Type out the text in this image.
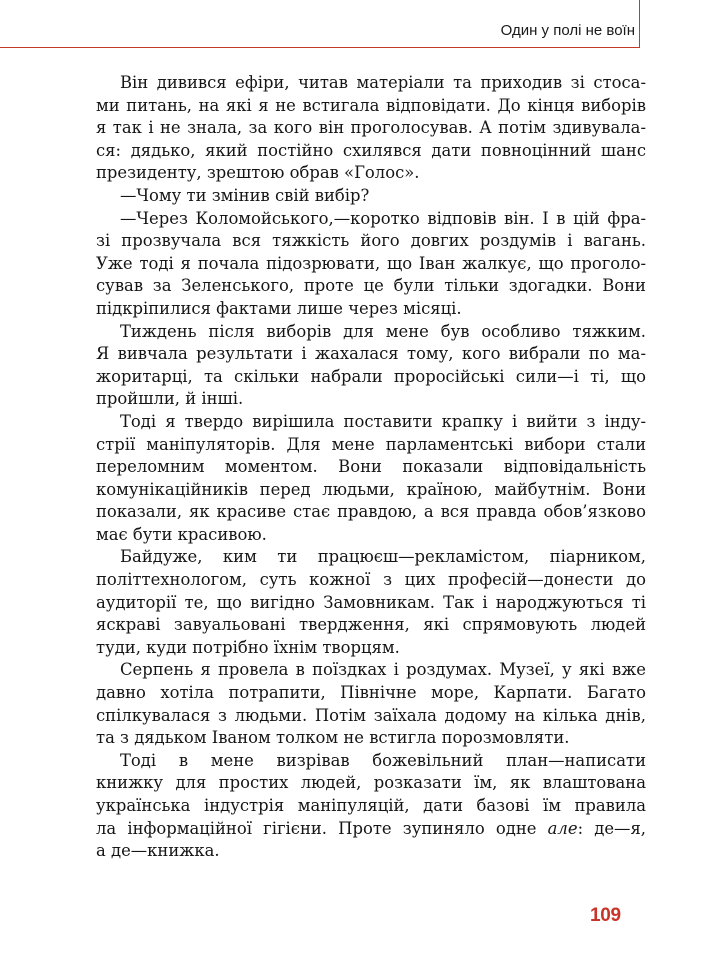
Один у полі не воїн
Він дивився ефіри, читав матеріали та приходив зі стоса-
ми питань, на які я не встигала відповідати. До кінця виборів
я так і не знала, за кого він проголосував. А потім здивувала-
ся: дядько, який постійно схилявся дати повноцінний шанс
президенту, зрештою обрав «Голос».
—Чому ти змінив свій вибір?
—Через Коломойського,—коротко відповів він. І в цій фра-
зі прозвучала вся тяжкість його довгих роздумів і вагань.
Уже тоді я почала підозрювати, що Іван жалкує, що проголо-
сував за Зеленського, проте це були тільки здогадки. Вони
підкріпилися фактами лише через місяці.
Тиждень після виборів для мене був особливо тяжким.
Я вивчала результати і жахалася тому, кого вибрали по ма-
жоритарці, та скільки набрали проросійські сили—і ті, що
пройшли, й інші.
Тоді я твердо вирішила поставити крапку і вийти з інду-
стрії маніпуляторів. Для мене парламентські вибори стали
переломним моментом. Вони показали відповідальність
комунікаційників перед людьми, країною, майбутнім. Вони
показали, як красиве стає правдою, а вся правда обов’язково
має бути красивою.
Байдуже, ким ти працюєш—рекламістом, піарником,
політтехнологом, суть кожної з цих професій—донести до
аудиторії те, що вигідно Замовникам. Так і народжуються ті
яскраві завуальовані твердження, які спрямовують людей
туди, куди потрібно їхнім творцям.
Серпень я провела в поїздках і роздумах. Музеї, у які вже
давно хотіла потрапити, Північне море, Карпати. Багато
спілкувалася з людьми. Потім заїхала додому на кілька днів,
та з дядьком Іваном толком не встигла порозмовляти.
Тоді в мене визрівав божевільний план—написати
книжку для простих людей, розказати їм, як влаштована
українська індустрія маніпуляцій, дати базові їм правила
ла інформаційної гігієни. Проте зупиняло одне але: де—я,
а де—книжка.
109
